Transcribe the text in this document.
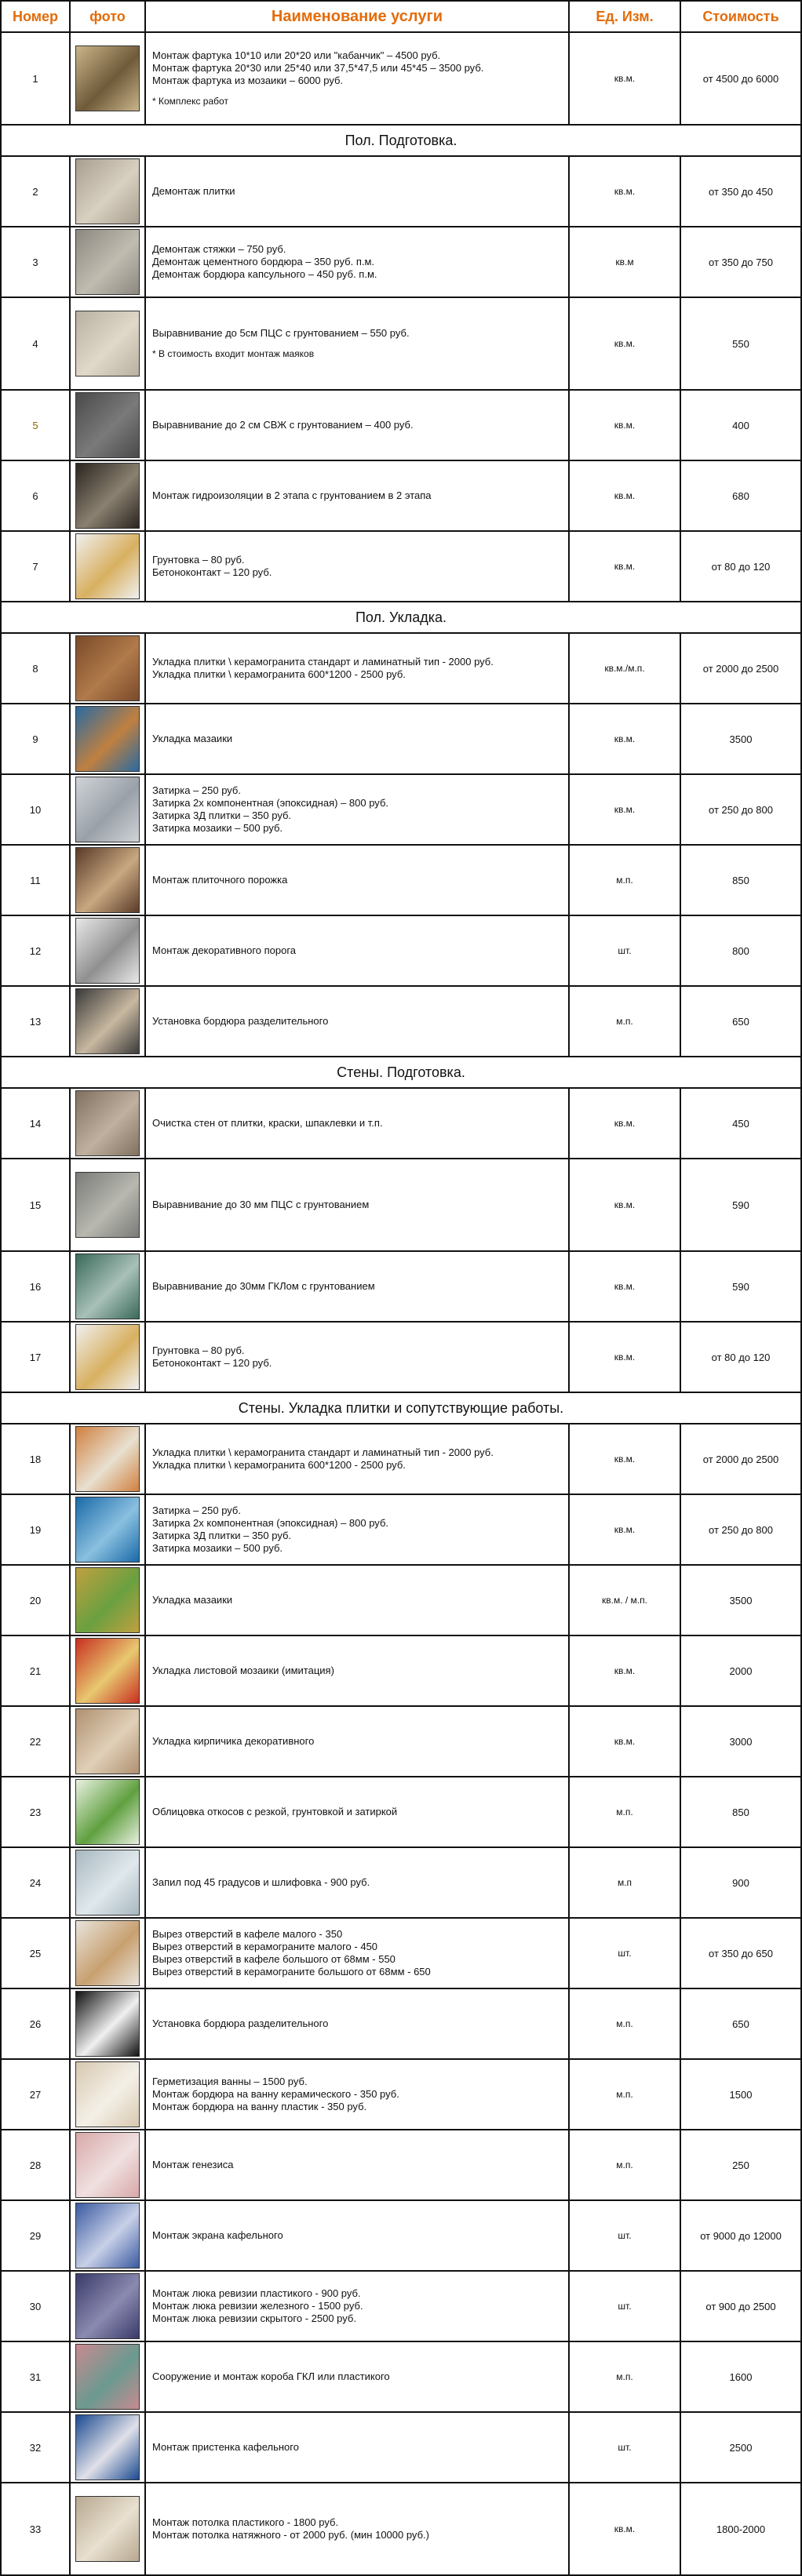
Номер	фото	Наименование услуги	Ед. Изм.	Стоимость
1		Монтаж фартука 10*10 или 20*20 или "кабанчик" – 4500 руб.
Монтаж фартука 20*30 или 25*40 или 37,5*47,5 или 45*45 – 3500 руб.
Монтаж фартука из мозаики – 6000 руб.
* Комплекс работ	кв.м.	от 4500 до 6000
Пол. Подготовка.				
2		Демонтаж плитки	кв.м.	от 350 до 450
3		Демонтаж стяжки – 750 руб.
Демонтаж цементного бордюра – 350 руб. п.м.
Демонтаж бордюра капсульного – 450 руб. п.м.	кв.м	от 350 до 750
4		Выравнивание до 5см ПЦС с грунтованием – 550 руб.
* В стоимость входит монтаж маяков	кв.м.	550
5		Выравнивание до 2 см СВЖ с грунтованием – 400 руб.	кв.м.	400
6		Монтаж гидроизоляции в 2 этапа с грунтованием в 2 этапа	кв.м.	680
7		Грунтовка – 80 руб.
Бетоноконтакт – 120 руб.	кв.м.	от 80 до 120
Пол. Укладка.				
8		Укладка плитки \ керамогранита стандарт и ламинатный тип - 2000 руб.
Укладка плитки \ керамогранита 600*1200 - 2500 руб.	кв.м./м.п.	от 2000 до 2500
9		Укладка мазаики	кв.м.	3500
10		Затирка – 250 руб.
Затирка 2х компонентная (эпоксидная) – 800 руб.
Затирка 3Д плитки – 350 руб.
Затирка мозаики – 500 руб.	кв.м.	от 250 до 800
11		Монтаж плиточного порожка	м.п.	850
12		Монтаж декоративного порога	шт.	800
13		Установка бордюра разделительного	м.п.	650
Стены. Подготовка.				
14		Очистка стен от плитки, краски, шпаклевки и т.п.	кв.м.	450
15		Выравнивание до 30 мм ПЦС с грунтованием	кв.м.	590
16		Выравнивание до 30мм ГКЛом с грунтованием	кв.м.	590
17		Грунтовка – 80 руб.
Бетоноконтакт – 120 руб.	кв.м.	от 80 до 120
Стены. Укладка плитки и сопутствующие работы.				
18		Укладка плитки \ керамогранита стандарт и ламинатный тип - 2000 руб.
Укладка плитки \ керамогранита 600*1200 - 2500 руб.	кв.м.	от 2000 до 2500
19		Затирка – 250 руб.
Затирка 2х компонентная (эпоксидная) – 800 руб.
Затирка 3Д плитки – 350 руб.
Затирка мозаики – 500 руб.	кв.м.	от 250 до 800
20		Укладка мазаики	кв.м. / м.п.	3500
21		Укладка листовой мозаики (имитация)	кв.м.	2000
22		Укладка кирпичика декоративного	кв.м.	3000
23		Облицовка откосов с резкой, грунтовкой и затиркой	м.п.	850
24		Запил под 45 градусов и шлифовка - 900 руб.	м.п	900
25		Вырез отверстий в кафеле малого - 350
Вырез отверстий в керамограните малого - 450
Вырез отверстий в кафеле большого от 68мм - 550
Вырез отверстий в керамограните большого от 68мм - 650	шт.	от 350 до 650
26		Установка бордюра разделительного	м.п.	650
27		Герметизация ванны – 1500 руб.
Монтаж бордюра на ванну керамического - 350 руб.
Монтаж бордюра на ванну пластик - 350 руб.	м.п.	1500
28		Монтаж генезиса	м.п.	250
29		Монтаж экрана кафельного	шт.	от 9000 до 12000
30		Монтаж люка ревизии пластикого - 900 руб.
Монтаж люка ревизии железного - 1500 руб.
Монтаж люка ревизии скрытого - 2500 руб.	шт.	от 900 до 2500
31		Сооружение и монтаж короба ГКЛ или пластикого	м.п.	1600
32		Монтаж пристенка кафельного	шт.	2500
33		Монтаж потолка пластикого - 1800 руб.
Монтаж потолка натяжного - от 2000 руб. (мин 10000 руб.)	кв.м.	1800-2000
